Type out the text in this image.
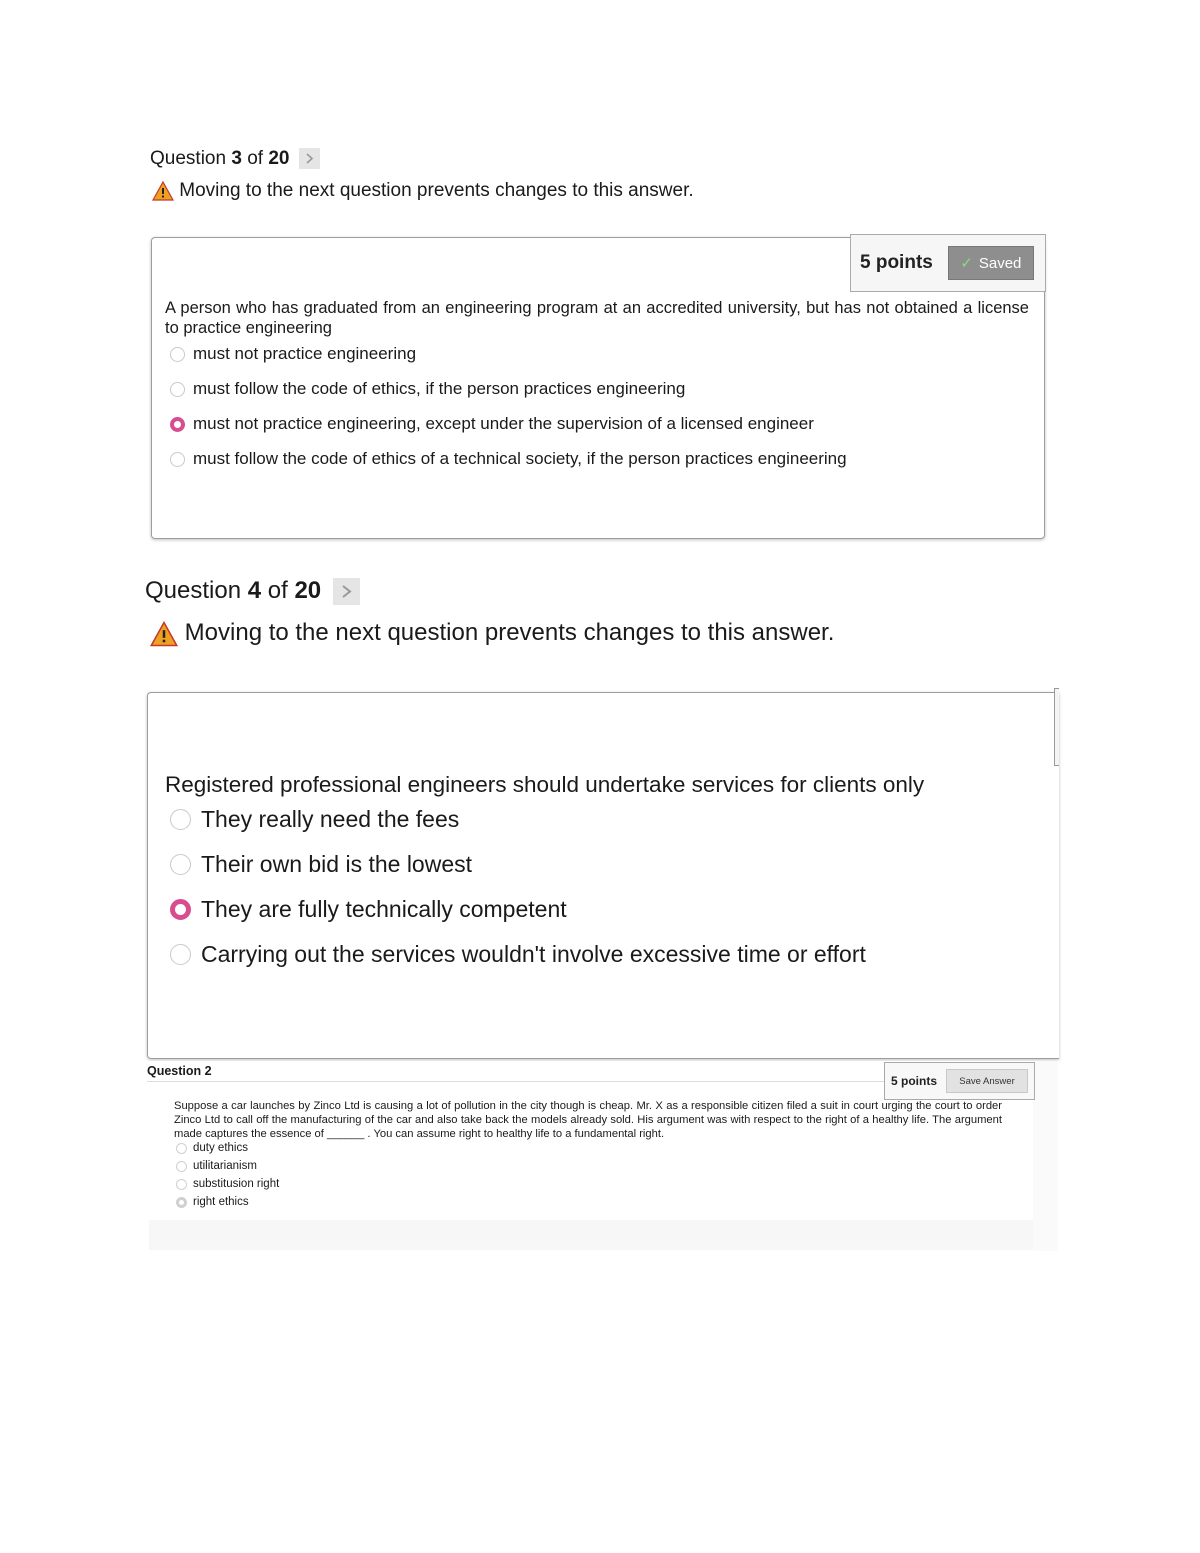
Question 3 of 20
Moving to the next question prevents changes to this answer.
5 points ✓ Saved
A person who has graduated from an engineering program at an accredited university, but has not obtained a license to practice engineering
must not practice engineering
must follow the code of ethics, if the person practices engineering
must not practice engineering, except under the supervision of a licensed engineer
must follow the code of ethics of a technical society, if the person practices engineering
Question 4 of 20
Moving to the next question prevents changes to this answer.
Registered professional engineers should undertake services for clients only
They really need the fees
Their own bid is the lowest
They are fully technically competent
Carrying out the services wouldn't involve excessive time or effort
Question 2
5 points Save Answer
Suppose a car launches by Zinco Ltd is causing a lot of pollution in the city though is cheap. Mr. X as a responsible citizen filed a suit in court urging the court to order Zinco Ltd to call off the manufacturing of the car and also take back the models already sold. His argument was with respect to the right of a healthy life. The argument made captures the essence of ______ . You can assume right to healthy life to a fundamental right.
duty ethics
utilitarianism
substitusion right
right ethics
